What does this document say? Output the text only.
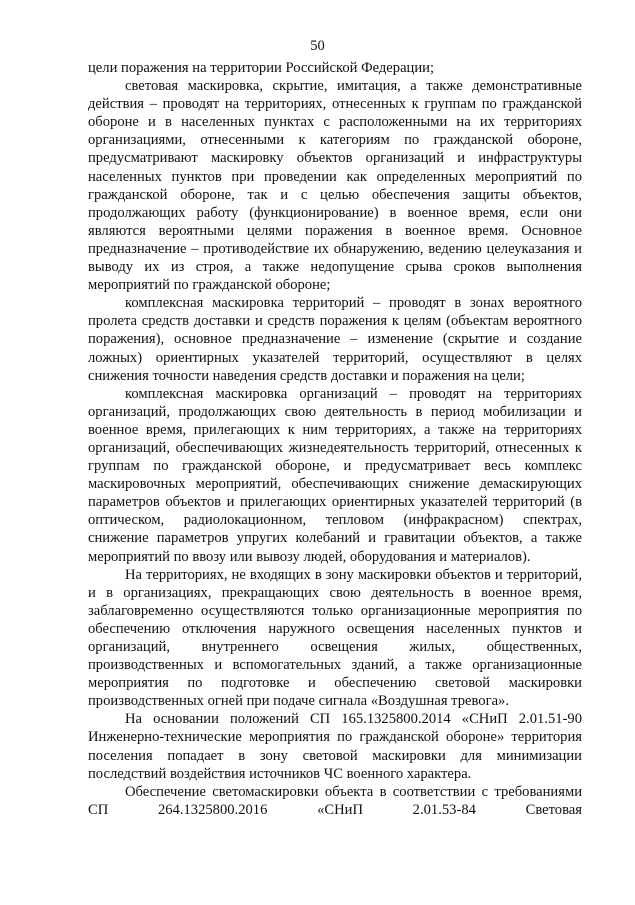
50

цели поражения на территории Российской Федерации;

световая маскировка, скрытие, имитация, а также демонстративные действия – проводят на территориях, отнесенных к группам по гражданской обороне и в населенных пунктах с расположенными на их территориях организациями, отнесенными к категориям по гражданской обороне, предусматривают маскировку объектов организаций и инфраструктуры населенных пунктов при проведении как определенных мероприятий по гражданской обороне, так и с целью обеспечения защиты объектов, продолжающих работу (функционирование) в военное время, если они являются вероятными целями поражения в военное время. Основное предназначение – противодействие их обнаружению, ведению целеуказания и выводу их из строя, а также недопущение срыва сроков выполнения мероприятий по гражданской обороне;

комплексная маскировка территорий – проводят в зонах вероятного пролета средств доставки и средств поражения к целям (объектам вероятного поражения), основное предназначение – изменение (скрытие и создание ложных) ориентирных указателей территорий, осуществляют в целях снижения точности наведения средств доставки и поражения на цели;

комплексная маскировка организаций – проводят на территориях организаций, продолжающих свою деятельность в период мобилизации и военное время, прилегающих к ним территориях, а также на территориях организаций, обеспечивающих жизнедеятельность территорий, отнесенных к группам по гражданской обороне, и предусматривает весь комплекс маскировочных мероприятий, обеспечивающих снижение демаскирующих параметров объектов и прилегающих ориентирных указателей территорий (в оптическом, радиолокационном, тепловом (инфракрасном) спектрах, снижение параметров упругих колебаний и гравитации объектов, а также мероприятий по ввозу или вывозу людей, оборудования и материалов).

На территориях, не входящих в зону маскировки объектов и территорий, и в организациях, прекращающих свою деятельность в военное время, заблаговременно осуществляются только организационные мероприятия по обеспечению отключения наружного освещения населенных пунктов и организаций, внутреннего освещения жилых, общественных, производственных и вспомогательных зданий, а также организационные мероприятия по подготовке и обеспечению световой маскировки производственных огней при подаче сигнала «Воздушная тревога».

На основании положений СП 165.1325800.2014 «СНиП 2.01.51-90 Инженерно-технические мероприятия по гражданской обороне» территория поселения попадает в зону световой маскировки для минимизации последствий воздействия источников ЧС военного характера.

Обеспечение светомаскировки объекта в соответствии с требованиями СП 264.1325800.2016 «СНиП 2.01.53-84 Световая
